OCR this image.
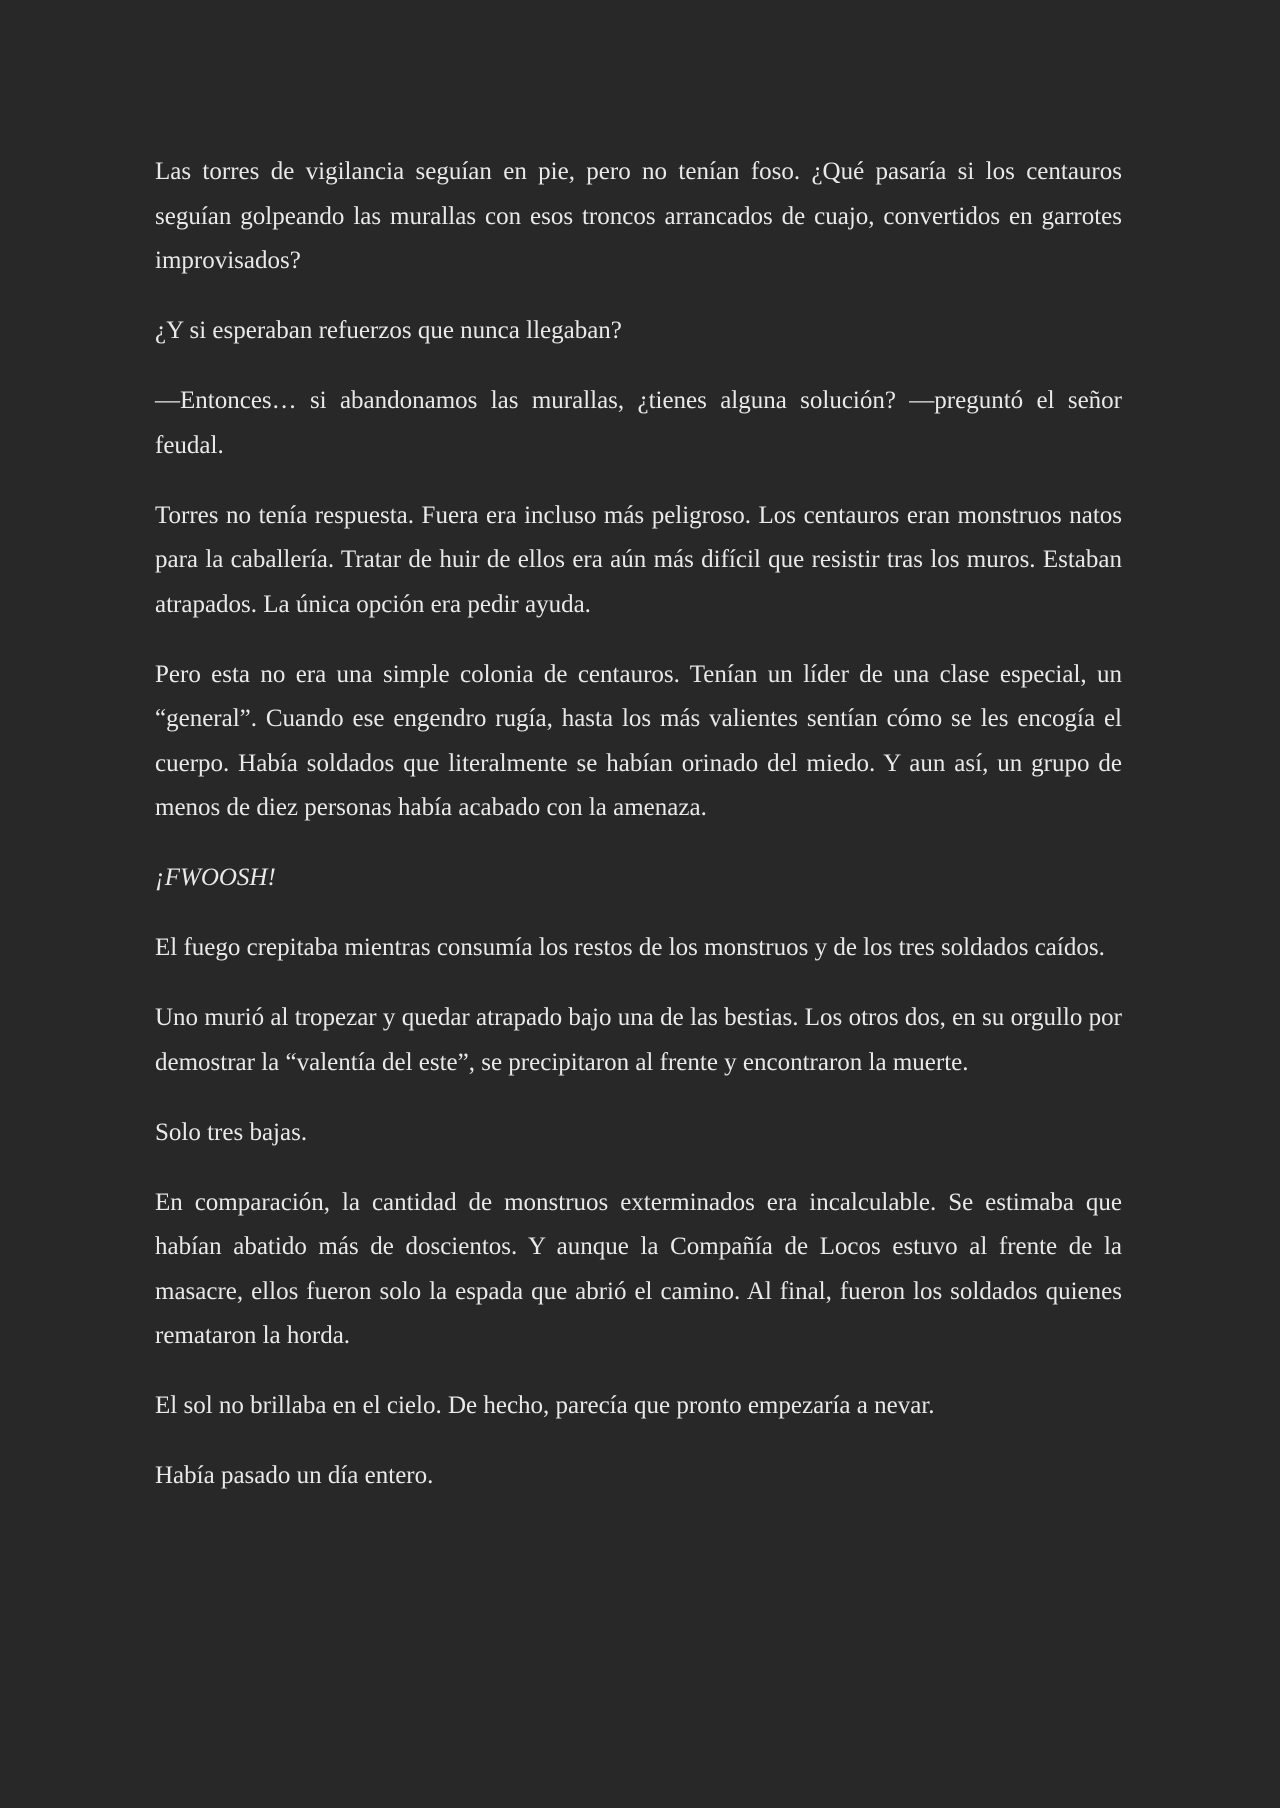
Las torres de vigilancia seguían en pie, pero no tenían foso. ¿Qué pasaría si los centauros seguían golpeando las murallas con esos troncos arrancados de cuajo, convertidos en garrotes improvisados?

¿Y si esperaban refuerzos que nunca llegaban?

—Entonces… si abandonamos las murallas, ¿tienes alguna solución? —preguntó el señor feudal.

Torres no tenía respuesta. Fuera era incluso más peligroso. Los centauros eran monstruos natos para la caballería. Tratar de huir de ellos era aún más difícil que resistir tras los muros. Estaban atrapados. La única opción era pedir ayuda.

Pero esta no era una simple colonia de centauros. Tenían un líder de una clase especial, un “general”. Cuando ese engendro rugía, hasta los más valientes sentían cómo se les encogía el cuerpo. Había soldados que literalmente se habían orinado del miedo. Y aun así, un grupo de menos de diez personas había acabado con la amenaza.

¡FWOOSH!

El fuego crepitaba mientras consumía los restos de los monstruos y de los tres soldados caídos.

Uno murió al tropezar y quedar atrapado bajo una de las bestias. Los otros dos, en su orgullo por demostrar la “valentía del este”, se precipitaron al frente y encontraron la muerte.

Solo tres bajas.

En comparación, la cantidad de monstruos exterminados era incalculable. Se estimaba que habían abatido más de doscientos. Y aunque la Compañía de Locos estuvo al frente de la masacre, ellos fueron solo la espada que abrió el camino. Al final, fueron los soldados quienes remataron la horda.

El sol no brillaba en el cielo. De hecho, parecía que pronto empezaría a nevar.

Había pasado un día entero.
